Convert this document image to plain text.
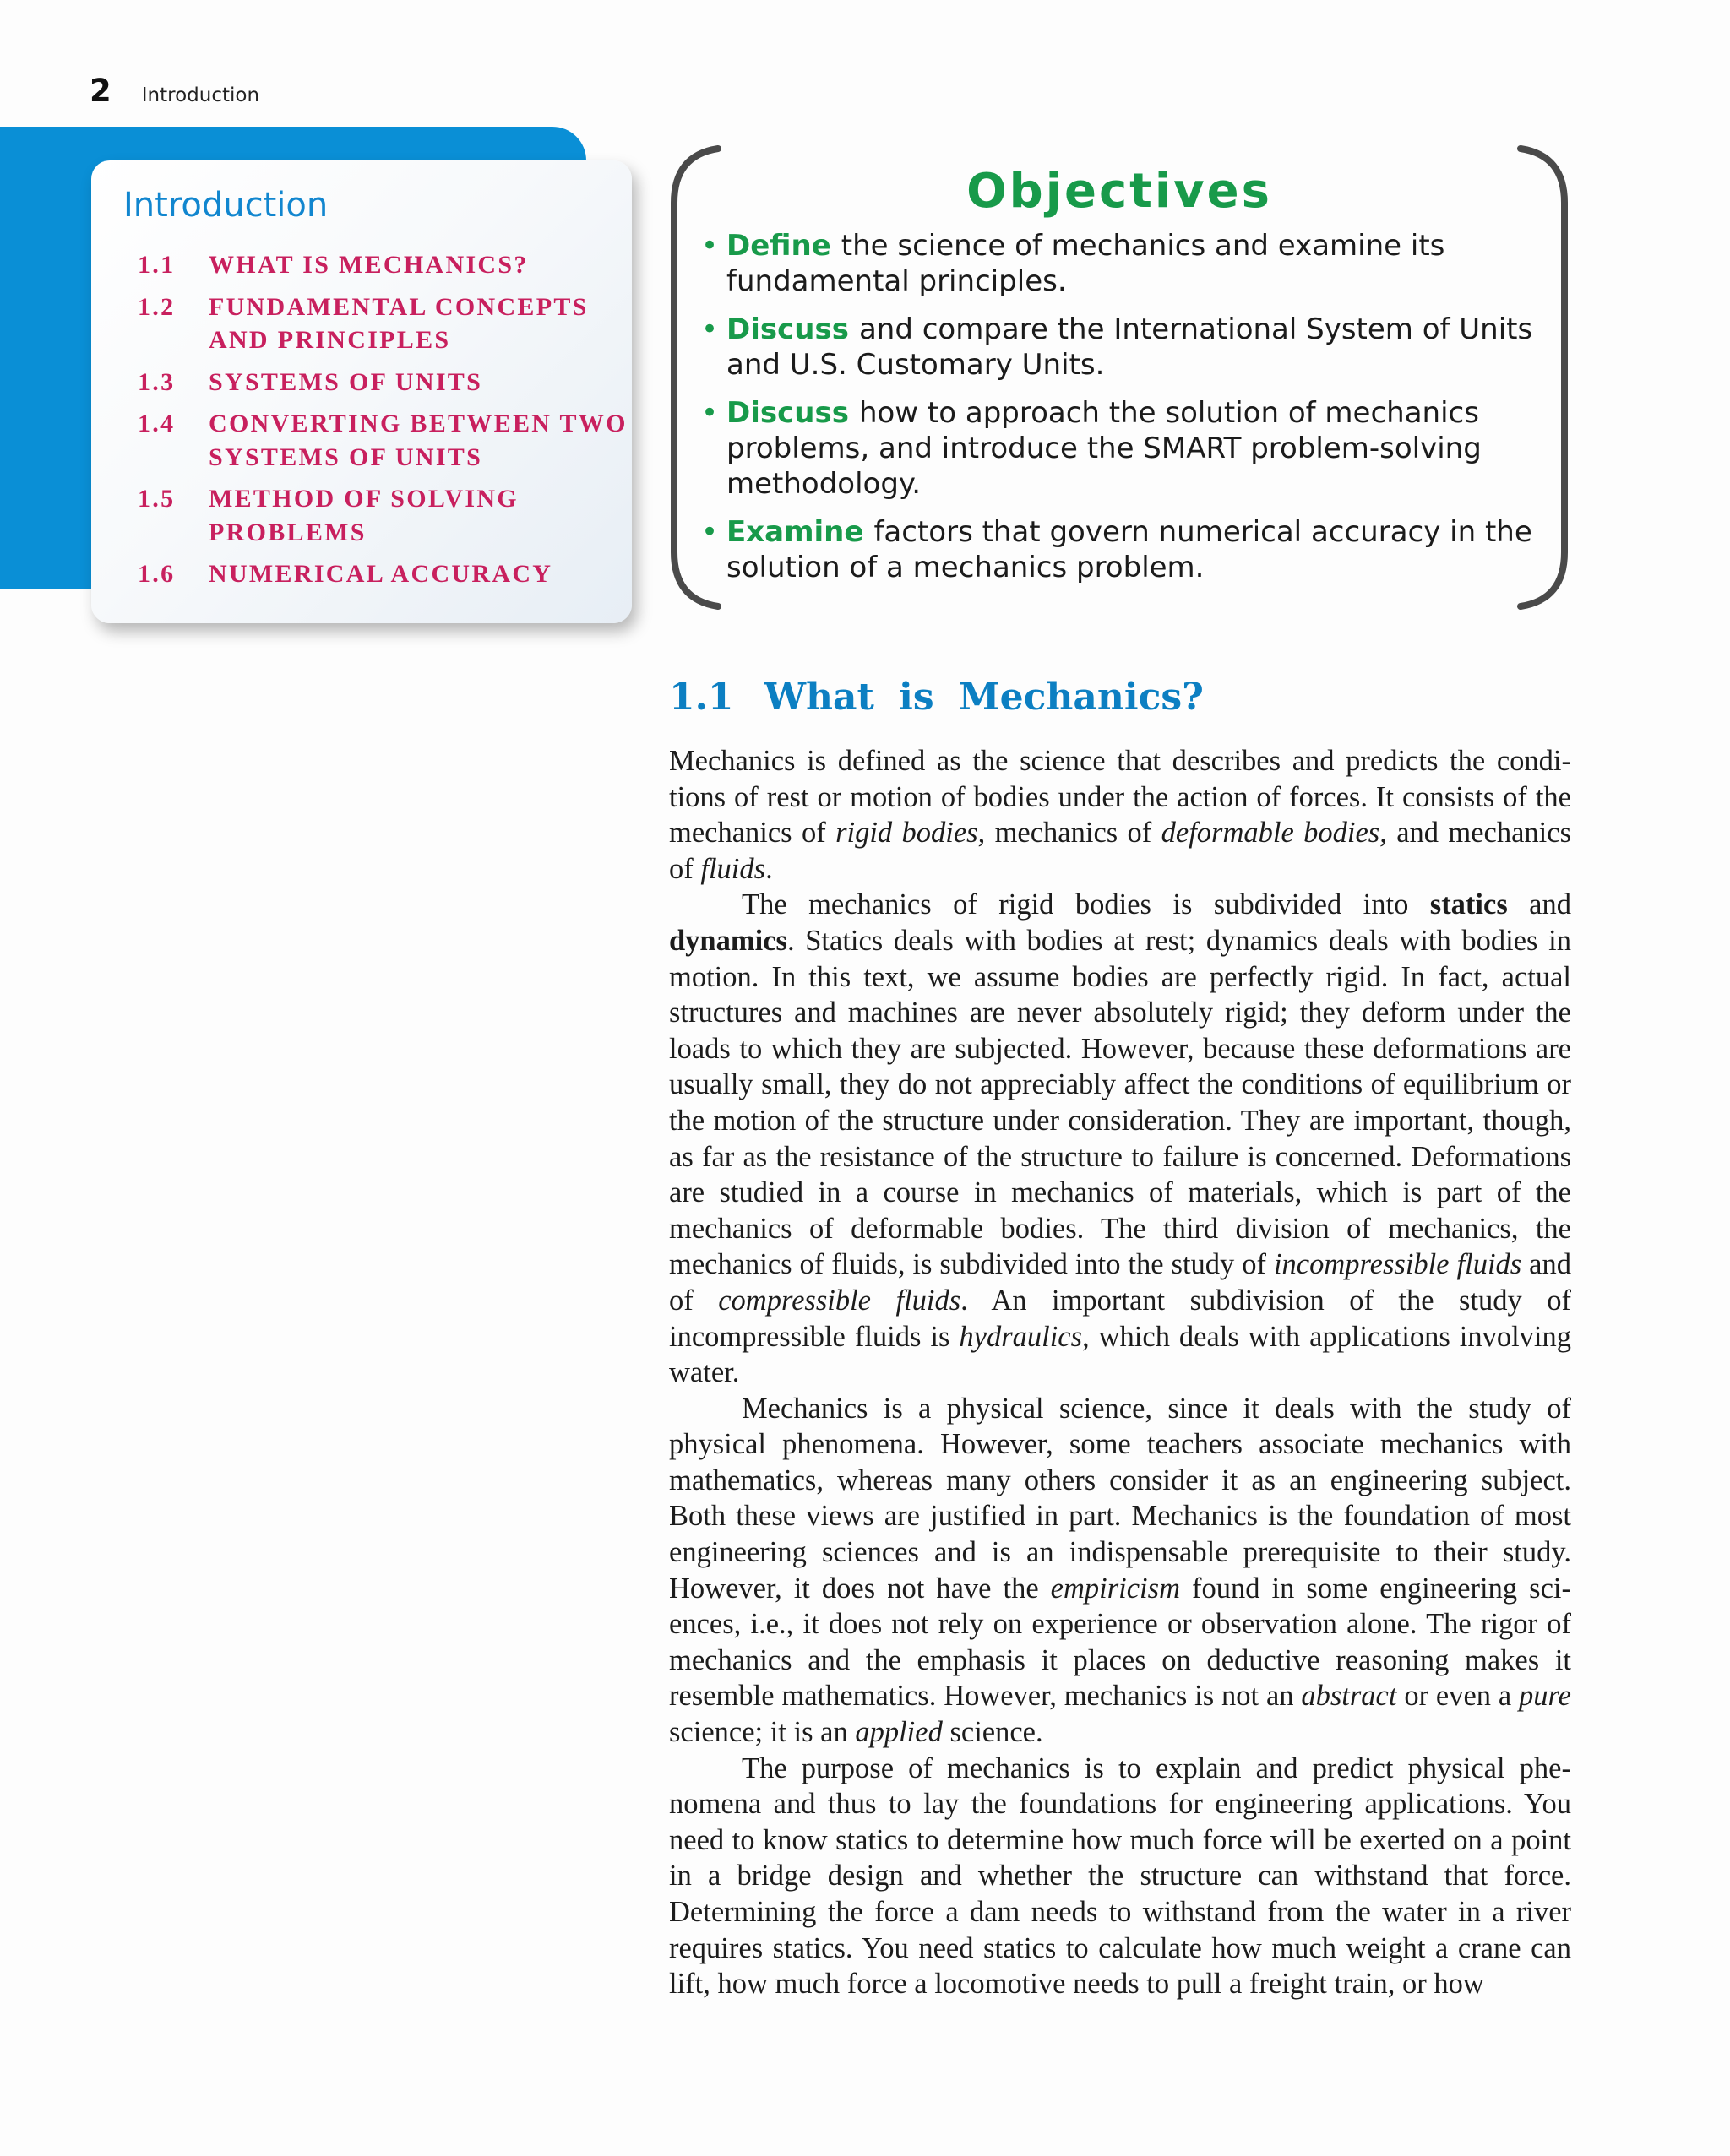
2 Introduction
Introduction
1.1	WHAT IS MECHANICS?
1.2	FUNDAMENTAL CONCEPTS AND PRINCIPLES
1.3	SYSTEMS OF UNITS
1.4	CONVERTING BETWEEN TWO SYSTEMS OF UNITS
1.5	METHOD OF SOLVING PROBLEMS
1.6	NUMERICAL ACCURACY
Objectives
• Define the science of mechanics and examine its fundamental principles.
• Discuss and compare the International System of Units and U.S. Customary Units.
• Discuss how to approach the solution of mechanics problems, and introduce the SMART problem-solving methodology.
• Examine factors that govern numerical accuracy in the solution of a mechanics problem.
1.1 What is Mechanics?

Mechanics is defined as the science that describes and predicts the conditions of rest or motion of bodies under the action of forces. It consists of the mechanics of rigid bodies, mechanics of deformable bodies, and mechanics of fluids.

The mechanics of rigid bodies is subdivided into statics and dynamics. Statics deals with bodies at rest; dynamics deals with bodies in motion. In this text, we assume bodies are perfectly rigid. In fact, actual structures and machines are never absolutely rigid; they deform under the loads to which they are subjected. However, because these deformations are usually small, they do not appreciably affect the conditions of equilibrium or the motion of the structure under consideration. They are important, though, as far as the resistance of the structure to failure is concerned. Deformations are studied in a course in mechanics of materials, which is part of the mechanics of deformable bodies. The third division of mechanics, the mechanics of fluids, is subdivided into the study of incompressible fluids and of compressible fluids. An important subdivision of the study of incompressible fluids is hydraulics, which deals with applications involving water.

Mechanics is a physical science, since it deals with the study of physical phenomena. However, some teachers associate mechanics with mathematics, whereas many others consider it as an engineering subject. Both these views are justified in part. Mechanics is the foundation of most engineering sciences and is an indispensable prerequisite to their study. However, it does not have the empiricism found in some engineering sciences, i.e., it does not rely on experience or observation alone. The rigor of mechanics and the emphasis it places on deductive reasoning makes it resemble mathematics. However, mechanics is not an abstract or even a pure science; it is an applied science.

The purpose of mechanics is to explain and predict physical phenomena and thus to lay the foundations for engineering applications. You need to know statics to determine how much force will be exerted on a point in a bridge design and whether the structure can withstand that force. Determining the force a dam needs to withstand from the water in a river requires statics. You need statics to calculate how much weight a crane can lift, how much force a locomotive needs to pull a freight train, or how
